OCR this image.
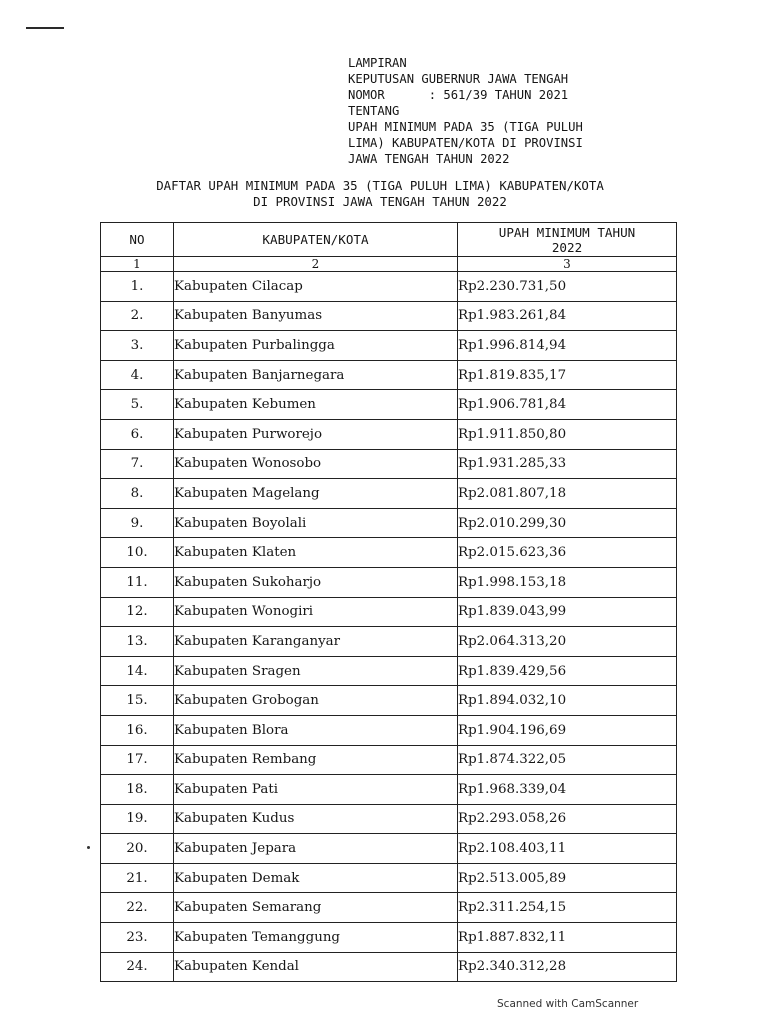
LAMPIRAN
KEPUTUSAN GUBERNUR JAWA TENGAH
NOMOR      : 561/39 TAHUN 2021
TENTANG
UPAH MINIMUM PADA 35 (TIGA PULUH
LIMA) KABUPATEN/KOTA DI PROVINSI
JAWA TENGAH TAHUN 2022
DAFTAR UPAH MINIMUM PADA 35 (TIGA PULUH LIMA) KABUPATEN/KOTA
DI PROVINSI JAWA TENGAH TAHUN 2022
NO	KABUPATEN/KOTA	UPAH MINIMUM TAHUN 2022
1	2	3
1.	Kabupaten Cilacap	Rp2.230.731,50
2.	Kabupaten Banyumas	Rp1.983.261,84
3.	Kabupaten Purbalingga	Rp1.996.814,94
4.	Kabupaten Banjarnegara	Rp1.819.835,17
5.	Kabupaten Kebumen	Rp1.906.781,84
6.	Kabupaten Purworejo	Rp1.911.850,80
7.	Kabupaten Wonosobo	Rp1.931.285,33
8.	Kabupaten Magelang	Rp2.081.807,18
9.	Kabupaten Boyolali	Rp2.010.299,30
10.	Kabupaten Klaten	Rp2.015.623,36
11.	Kabupaten Sukoharjo	Rp1.998.153,18
12.	Kabupaten Wonogiri	Rp1.839.043,99
13.	Kabupaten Karanganyar	Rp2.064.313,20
14.	Kabupaten Sragen	Rp1.839.429,56
15.	Kabupaten Grobogan	Rp1.894.032,10
16.	Kabupaten Blora	Rp1.904.196,69
17.	Kabupaten Rembang	Rp1.874.322,05
18.	Kabupaten Pati	Rp1.968.339,04
19.	Kabupaten Kudus	Rp2.293.058,26
20.	Kabupaten Jepara	Rp2.108.403,11
21.	Kabupaten Demak	Rp2.513.005,89
22.	Kabupaten Semarang	Rp2.311.254,15
23.	Kabupaten Temanggung	Rp1.887.832,11
24.	Kabupaten Kendal	Rp2.340.312,28
Scanned with CamScanner
